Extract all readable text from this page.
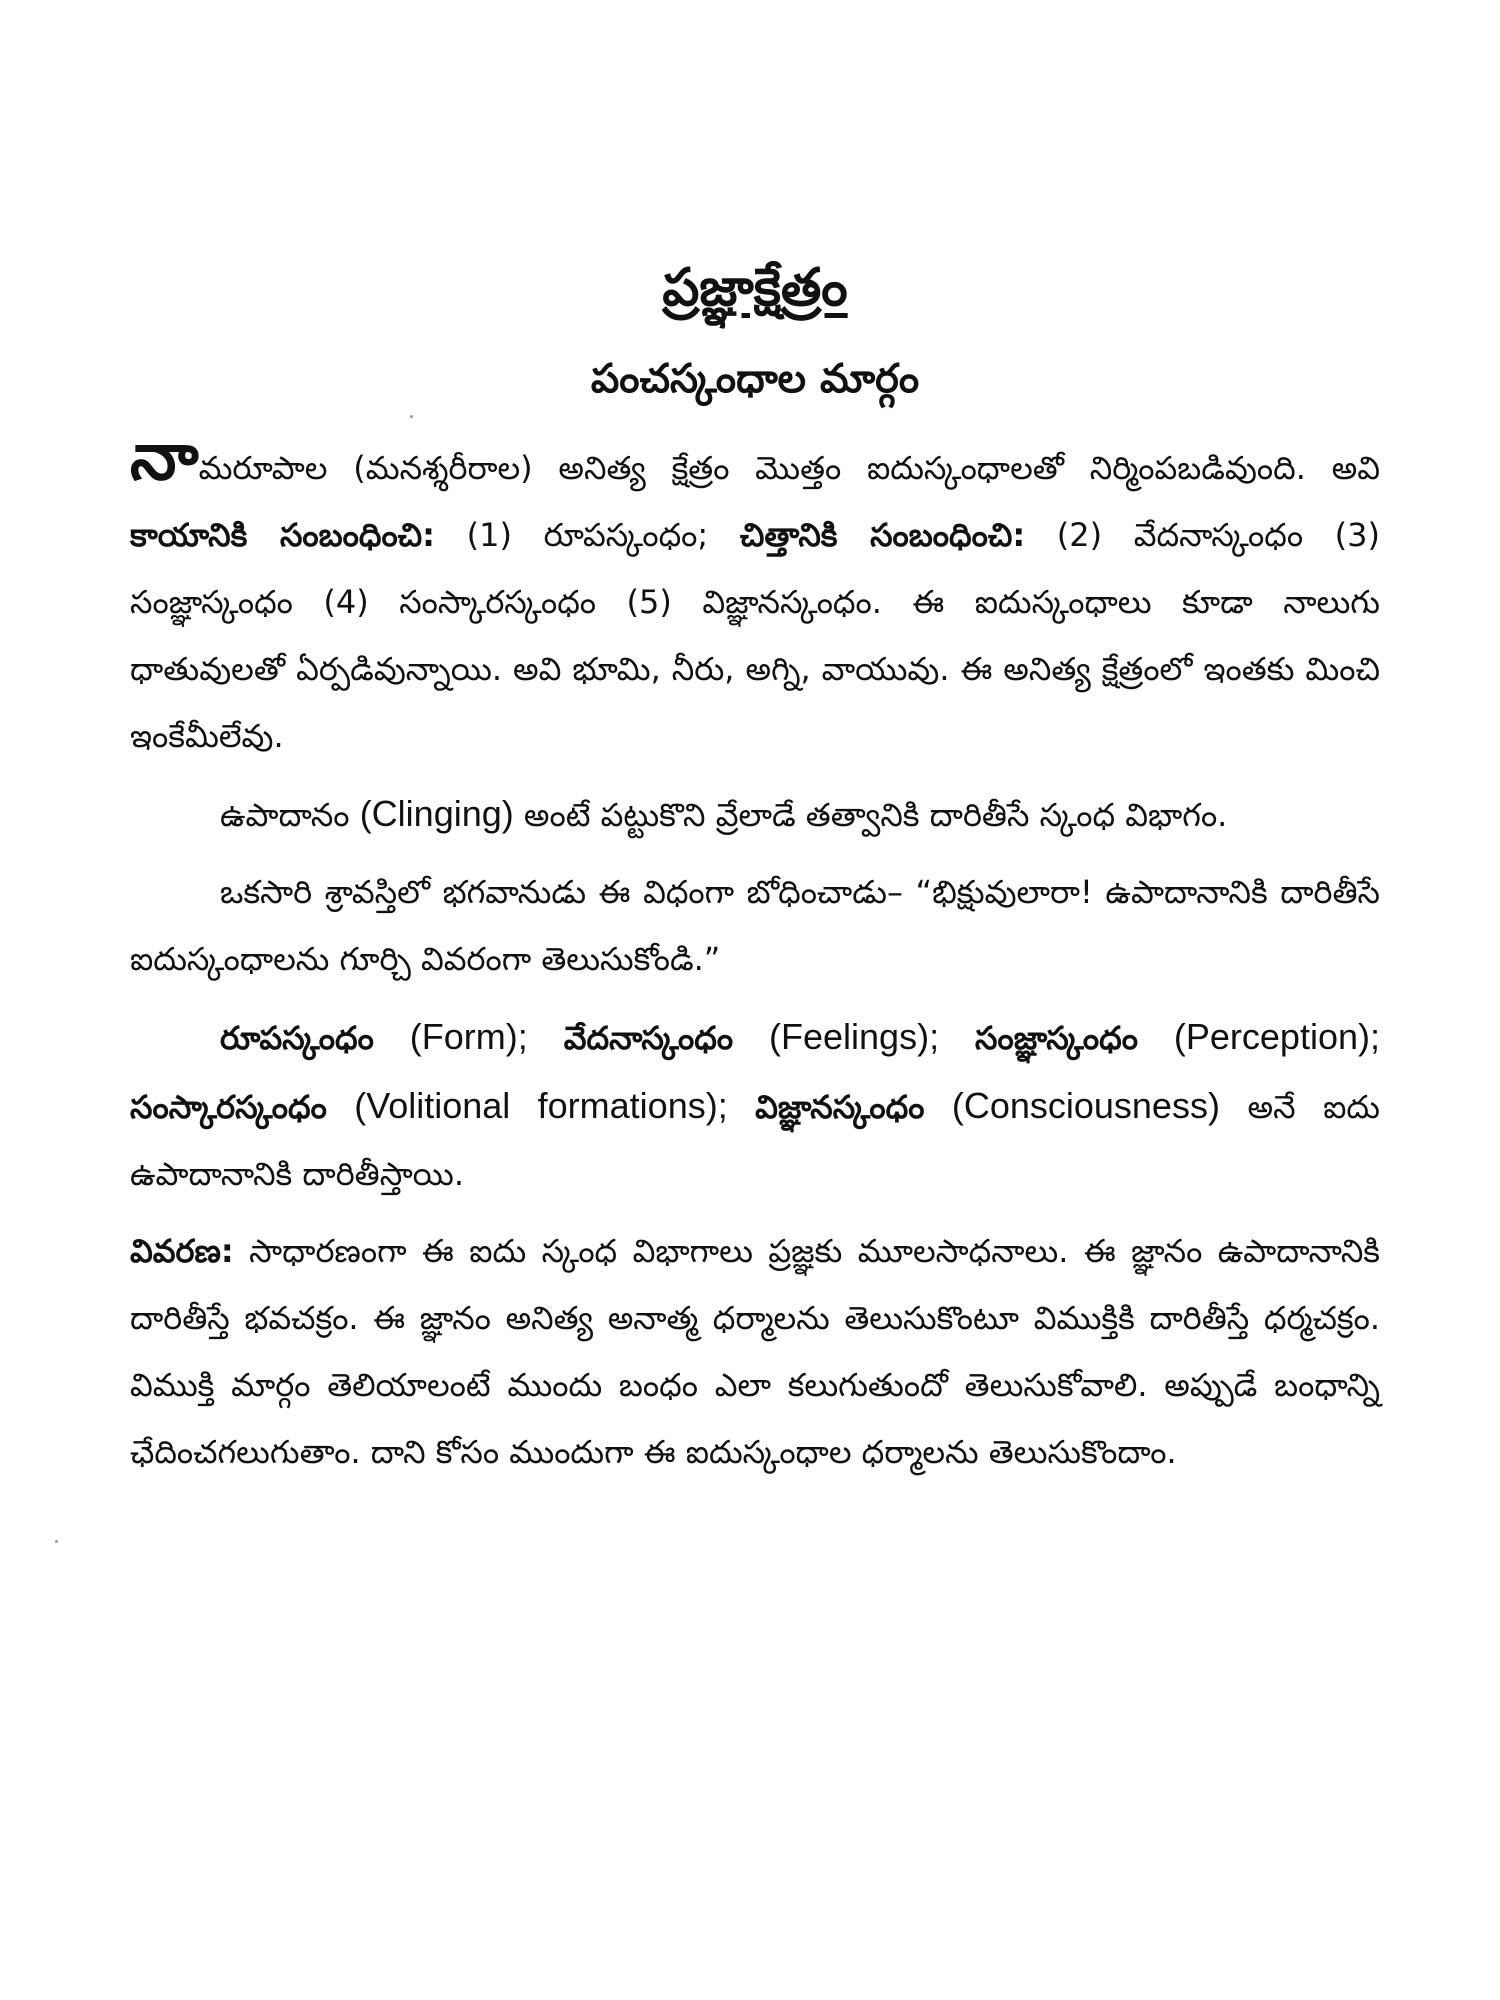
ప్రజ్ఞాక్షేత్రం
పంచస్కంధాల మార్గం

నామరూపాల (మనశ్శరీరాల) అనిత్య క్షేత్రం మొత్తం ఐదుస్కంధాలతో నిర్మింపబడివుంది. అవి కాయానికి సంబంధించి: (1) రూపస్కంధం; చిత్తానికి సంబంధించి: (2) వేదనాస్కంధం (3) సంజ్ఞాస్కంధం (4) సంస్కారస్కంధం (5) విజ్ఞానస్కంధం. ఈ ఐదుస్కంధాలు కూడా నాలుగు ధాతువులతో ఏర్పడివున్నాయి. అవి భూమి, నీరు, అగ్ని, వాయువు. ఈ అనిత్య క్షేత్రంలో ఇంతకు మించి ఇంకేమీలేవు.

ఉపాదానం (Clinging) అంటే పట్టుకొని వ్రేలాడే తత్వానికి దారితీసే స్కంధ విభాగం.

ఒకసారి శ్రావస్తిలో భగవానుడు ఈ విధంగా బోధించాడు– “భిక్షువులారా! ఉపాదానానికి దారితీసే ఐదుస్కంధాలను గూర్చి వివరంగా తెలుసుకోండి.”

రూపస్కంధం (Form); వేదనాస్కంధం (Feelings); సంజ్ఞాస్కంధం (Perception); సంస్కారస్కంధం (Volitional formations); విజ్ఞానస్కంధం (Consciousness) అనే ఐదు ఉపాదానానికి దారితీస్తాయి.

వివరణ: సాధారణంగా ఈ ఐదు స్కంధ విభాగాలు ప్రజ్ఞకు మూలసాధనాలు. ఈ జ్ఞానం ఉపాదానానికి దారితీస్తే భవచక్రం. ఈ జ్ఞానం అనిత్య అనాత్మ ధర్మాలను తెలుసుకొంటూ విముక్తికి దారితీస్తే ధర్మచక్రం. విముక్తి మార్గం తెలియాలంటే ముందు బంధం ఎలా కలుగుతుందో తెలుసుకోవాలి. అప్పుడే బంధాన్ని ఛేదించగలుగుతాం. దాని కోసం ముందుగా ఈ ఐదుస్కంధాల ధర్మాలను తెలుసుకొందాం.
